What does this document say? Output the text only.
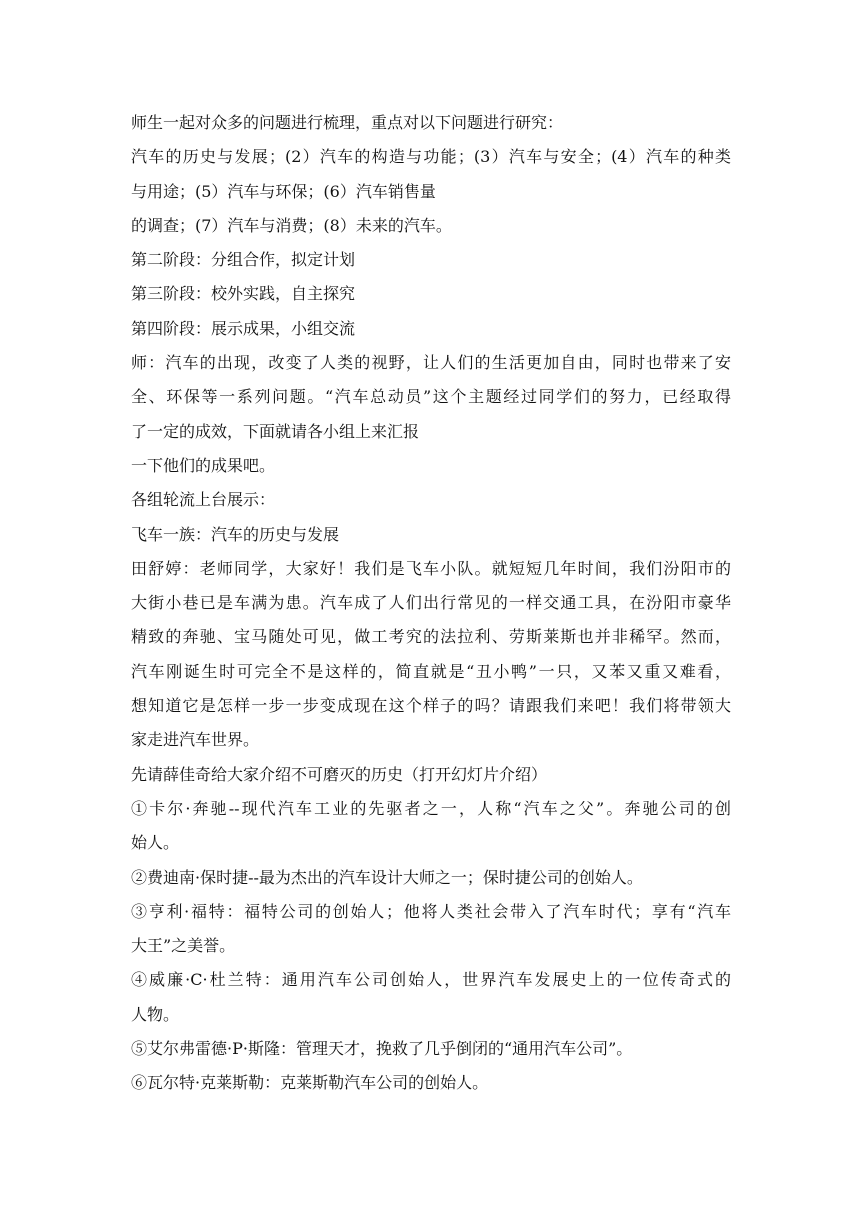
师生一起对众多的问题进行梳理，重点对以下问题进行研究：
汽车的历史与发展；(2）汽车的构造与功能；(3）汽车与安全；(4）汽车的种类
与用途；(5）汽车与环保；(6）汽车销售量
的调查；(7）汽车与消费；(8）未来的汽车。
第二阶段：分组合作，拟定计划
第三阶段：校外实践，自主探究
第四阶段：展示成果，小组交流
师：汽车的出现，改变了人类的视野，让人们的生活更加自由，同时也带来了安
全、环保等一系列问题。“汽车总动员”这个主题经过同学们的努力，已经取得
了一定的成效，下面就请各小组上来汇报
一下他们的成果吧。
各组轮流上台展示：
飞车一族：汽车的历史与发展
田舒婷：老师同学，大家好！我们是飞车小队。就短短几年时间，我们汾阳市的
大街小巷已是车满为患。汽车成了人们出行常见的一样交通工具，在汾阳市豪华
精致的奔驰、宝马随处可见，做工考究的法拉利、劳斯莱斯也并非稀罕。然而，
汽车刚诞生时可完全不是这样的，简直就是“丑小鸭”一只，又苯又重又难看，
想知道它是怎样一步一步变成现在这个样子的吗？请跟我们来吧！我们将带领大
家走进汽车世界。
先请薛佳奇给大家介绍不可磨灭的历史（打开幻灯片介绍）
①卡尔·奔驰--现代汽车工业的先驱者之一，人称“汽车之父”。奔驰公司的创
始人。
②费迪南·保时捷--最为杰出的汽车设计大师之一；保时捷公司的创始人。
③亨利·福特：福特公司的创始人；他将人类社会带入了汽车时代；享有“汽车
大王”之美誉。
④威廉·C·杜兰特：通用汽车公司创始人，世界汽车发展史上的一位传奇式的
人物。
⑤艾尔弗雷德·P·斯隆：管理天才，挽救了几乎倒闭的“通用汽车公司”。
⑥瓦尔特·克莱斯勒：克莱斯勒汽车公司的创始人。
